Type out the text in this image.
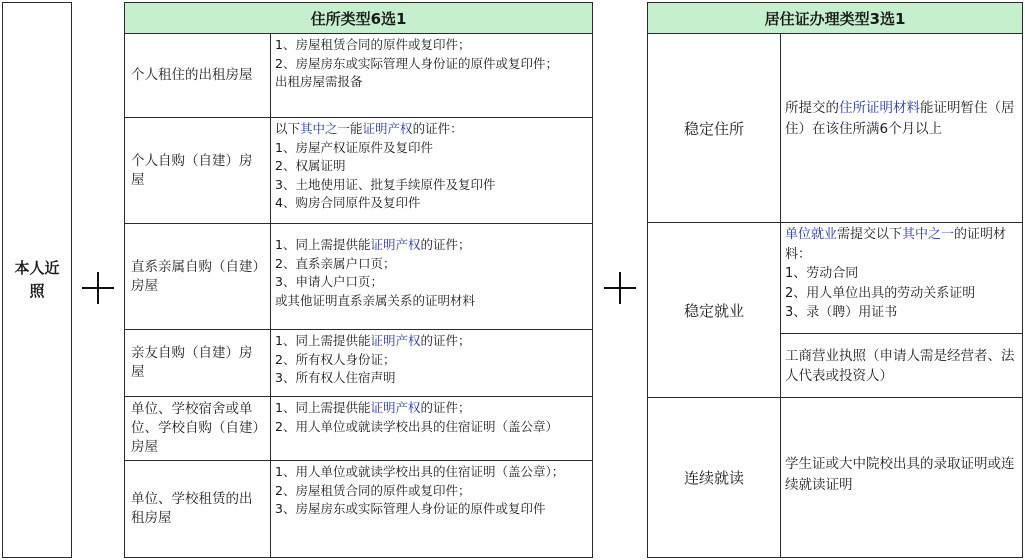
本人近照
住所类型6选1
个人租住的出租房屋
1、房屋租赁合同的原件或复印件；
2、房屋房东或实际管理人身份证的原件或复印件；
出租房屋需报备
个人自购（自建）房屋
以下其中之一能证明产权的证件：
1、房屋产权证原件及复印件
2、权属证明
3、土地使用证、批复手续原件及复印件
4、购房合同原件及复印件
直系亲属自购（自建）房屋
1、同上需提供能证明产权的证件；
2、直系亲属户口页；
3、申请人户口页；
或其他证明直系亲属关系的证明材料
亲友自购（自建）房屋
1、同上需提供能证明产权的证件；
2、所有权人身份证；
3、所有权人住宿声明
单位、学校宿舍或单位、学校自购（自建）房屋
1、同上需提供能证明产权的证件；
2、用人单位或就读学校出具的住宿证明（盖公章）
单位、学校租赁的出租房屋
1、用人单位或就读学校出具的住宿证明（盖公章）；
2、房屋租赁合同的原件或复印件；
3、房屋房东或实际管理人身份证的原件或复印件
居住证办理类型3选1
稳定住所
所提交的住所证明材料能证明暂住（居住）在该住所满6个月以上
稳定就业
单位就业需提交以下其中之一的证明材料：
1、劳动合同
2、用人单位出具的劳动关系证明
3、录（聘）用证书
工商营业执照（申请人需是经营者、法人代表或投资人）
连续就读
学生证或大中院校出具的录取证明或连续就读证明
